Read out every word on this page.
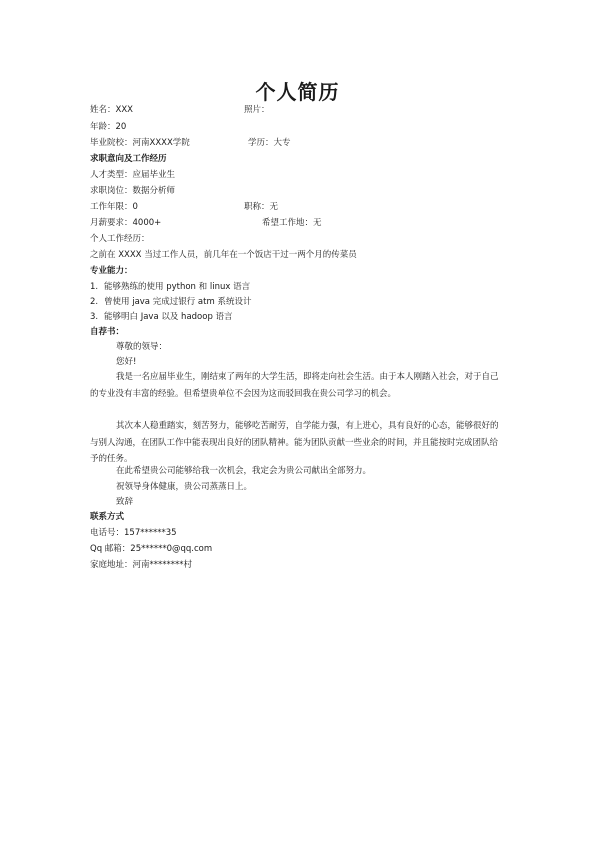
个人简历
姓名：XXX	照片：
年龄：20
毕业院校：河南XXXX学院	学历：大专
求职意向及工作经历
人才类型：应届毕业生
求职岗位：数据分析师
工作年限：0	职称：无
月薪要求：4000+	希望工作地：无
个人工作经历：
之前在 XXXX 当过工作人员，前几年在一个饭店干过一两个月的传菜员
专业能力：
1. 能够熟练的使用 python 和 linux 语言
2. 曾使用 java 完成过银行 atm 系统设计
3. 能够明白 Java 以及 hadoop 语言
自荐书：
尊敬的领导：
您好!
我是一名应届毕业生，刚结束了两年的大学生活，即将走向社会生活。由于本人刚踏入社会，对于自己的专业没有丰富的经验。但希望贵单位不会因为这而驳回我在贵公司学习的机会。
其次本人稳重踏实，刻苦努力，能够吃苦耐劳，自学能力强，有上进心，具有良好的心态，能够很好的与别人沟通，在团队工作中能表现出良好的团队精神。能为团队贡献一些业余的时间，并且能按时完成团队给予的任务。
在此希望贵公司能够给我一次机会，我定会为贵公司献出全部努力。
祝领导身体健康，贵公司蒸蒸日上。
致辞
联系方式
电话号：157******35
Qq 邮箱：25******0@qq.com
家庭地址：河南********村
